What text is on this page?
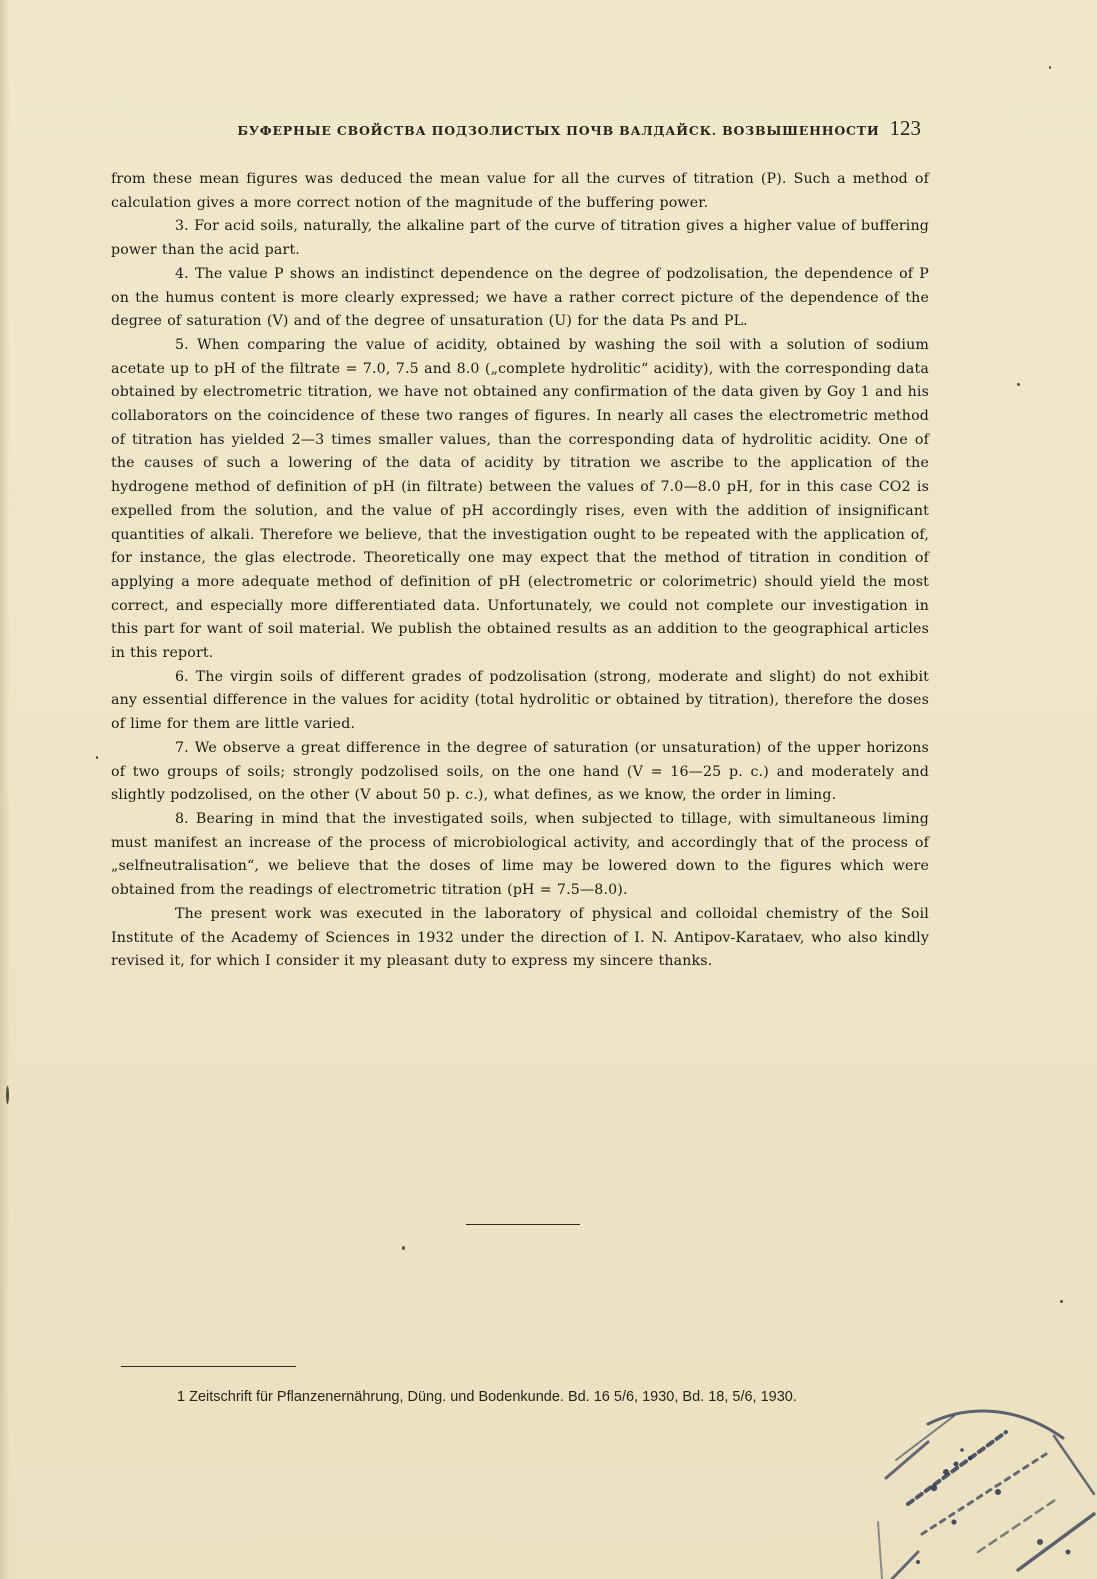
БУФЕРНЫЕ СВОЙСТВА ПОДЗОЛИСТЫХ ПОЧВ ВАЛДАЙСК. ВОЗВЫШЕННОСТИ 123

from these mean figures was deduced the mean value for all the curves of titration (P). Such a method of calculation gives a more correct notion of the magnitude of the buffering power.

3. For acid soils, naturally, the alkaline part of the curve of titration gives a higher value of buffering power than the acid part.

4. The value P shows an indistinct dependence on the degree of podzolisation, the dependence of P on the humus content is more clearly expressed; we have a rather correct picture of the dependence of the degree of saturation (V) and of the degree of unsaturation (U) for the data Ps and PL.

5. When comparing the value of acidity, obtained by washing the soil with a solution of sodium acetate up to pH of the filtrate = 7.0, 7.5 and 8.0 („complete hydrolitic“ acidity), with the corresponding data obtained by electrometric titration, we have not obtained any confirmation of the data given by Goy 1 and his collaborators on the coincidence of these two ranges of figures. In nearly all cases the electrometric method of titration has yielded 2—3 times smaller values, than the corresponding data of hydrolitic acidity. One of the causes of such a lowering of the data of acidity by titration we ascribe to the application of the hydrogene method of definition of pH (in filtrate) between the values of 7.0—8.0 pH, for in this case CO2 is expelled from the solution, and the value of pH accordingly rises, even with the addition of insignificant quantities of alkali. Therefore we believe, that the investigation ought to be repeated with the application of, for instance, the glas electrode. Theoretically one may expect that the method of titration in condition of applying a more adequate method of definition of pH (electrometric or colorimetric) should yield the most correct, and especially more differentiated data. Unfortunately, we could not complete our investigation in this part for want of soil material. We publish the obtained results as an addition to the geographical articles in this report.

6. The virgin soils of different grades of podzolisation (strong, moderate and slight) do not exhibit any essential difference in the values for acidity (total hydrolitic or obtained by titration), therefore the doses of lime for them are little varied.

7. We observe a great difference in the degree of saturation (or unsaturation) of the upper horizons of two groups of soils; strongly podzolised soils, on the one hand (V = 16—25 p. c.) and moderately and slightly podzolised, on the other (V about 50 p. c.), what defines, as we know, the order in liming.

8. Bearing in mind that the investigated soils, when subjected to tillage, with simultaneous liming must manifest an increase of the process of microbiological activity, and accordingly that of the process of „selfneutralisation“, we believe that the doses of lime may be lowered down to the figures which were obtained from the readings of electrometric titration (pH = 7.5—8.0).

The present work was executed in the laboratory of physical and colloidal chemistry of the Soil Institute of the Academy of Sciences in 1932 under the direction of I. N. Antipov-Karataev, who also kindly revised it, for which I consider it my pleasant duty to express my sincere thanks.

1 Zeitschrift für Pflanzenernährung, Düng. und Bodenkunde. Bd. 16 5/6, 1930, Bd. 18, 5/6, 1930.
